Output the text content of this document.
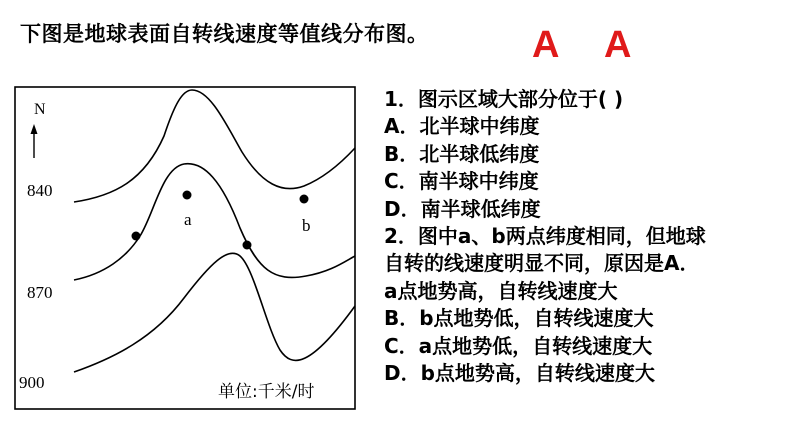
下图是地球表面自转线速度等值线分布图。	A A
N
840
870
900
a	b
单位:千米/时
1．图示区域大部分位于( )
A．北半球中纬度
B．北半球低纬度
C．南半球中纬度
D．南半球低纬度
2．图中a、b两点纬度相同，但地球
自转的线速度明显不同，原因是A．
a点地势高，自转线速度大
B．b点地势低，自转线速度大
C．a点地势低，自转线速度大
D．b点地势高，自转线速度大
